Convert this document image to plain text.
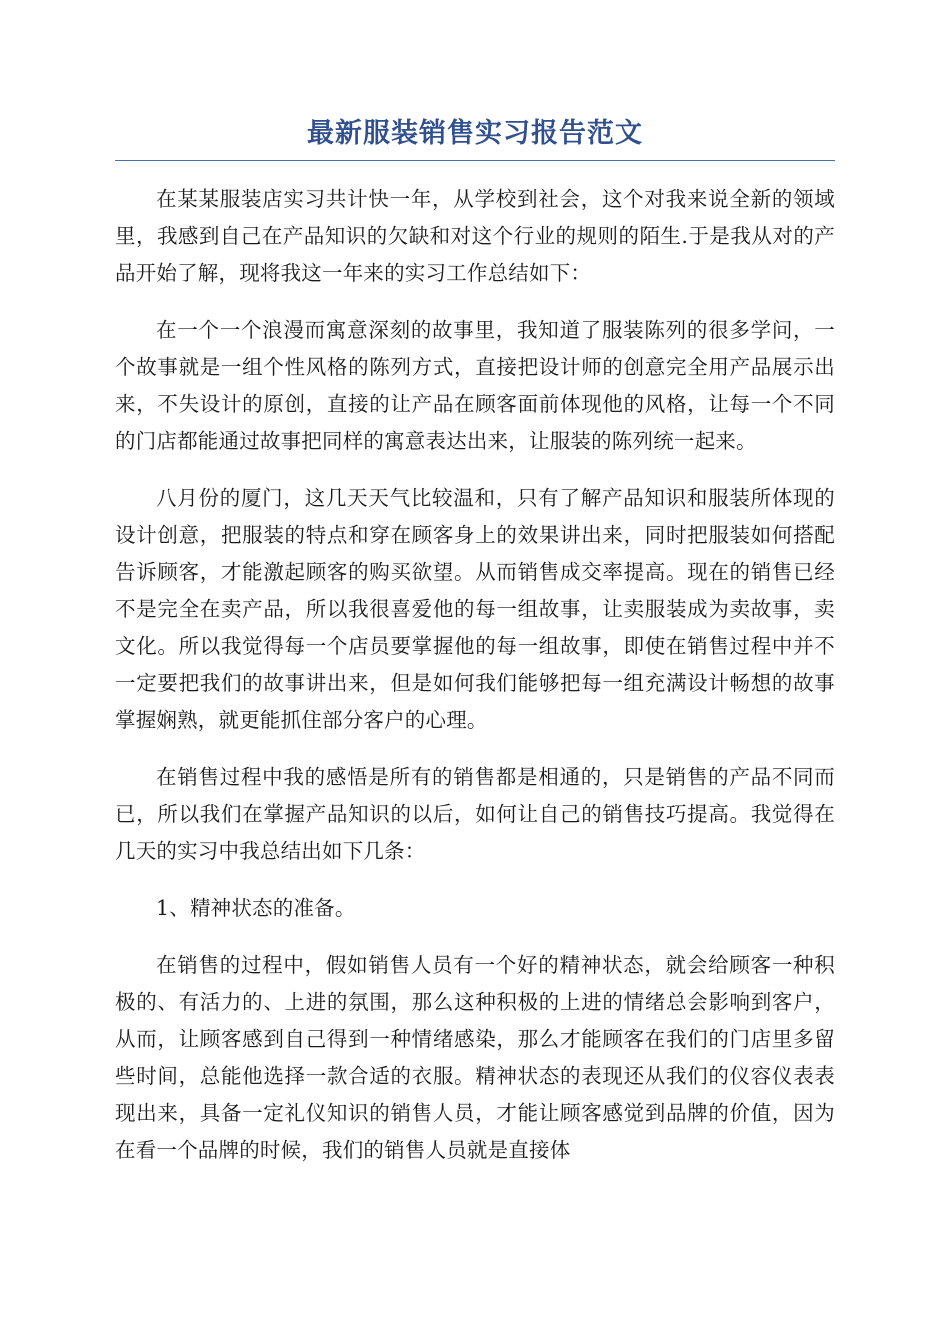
最新服装销售实习报告范文

在某某服装店实习共计快一年，从学校到社会，这个对我来说全新的领域里，我感到自己在产品知识的欠缺和对这个行业的规则的陌生.于是我从对的产品开始了解，现将我这一年来的实习工作总结如下：

在一个一个浪漫而寓意深刻的故事里，我知道了服装陈列的很多学问，一个故事就是一组个性风格的陈列方式，直接把设计师的创意完全用产品展示出来，不失设计的原创，直接的让产品在顾客面前体现他的风格，让每一个不同的门店都能通过故事把同样的寓意表达出来，让服装的陈列统一起来。

八月份的厦门，这几天天气比较温和，只有了解产品知识和服装所体现的设计创意，把服装的特点和穿在顾客身上的效果讲出来，同时把服装如何搭配告诉顾客，才能激起顾客的购买欲望。从而销售成交率提高。现在的销售已经不是完全在卖产品，所以我很喜爱他的每一组故事，让卖服装成为卖故事，卖文化。所以我觉得每一个店员要掌握他的每一组故事，即使在销售过程中并不一定要把我们的故事讲出来，但是如何我们能够把每一组充满设计畅想的故事掌握娴熟，就更能抓住部分客户的心理。

在销售过程中我的感悟是所有的销售都是相通的，只是销售的产品不同而已，所以我们在掌握产品知识的以后，如何让自己的销售技巧提高。我觉得在几天的实习中我总结出如下几条：

1、精神状态的准备。

在销售的过程中，假如销售人员有一个好的精神状态，就会给顾客一种积极的、有活力的、上进的氛围，那么这种积极的上进的情绪总会影响到客户，从而，让顾客感到自己得到一种情绪感染，那么才能顾客在我们的门店里多留些时间，总能他选择一款合适的衣服。精神状态的表现还从我们的仪容仪表表现出来，具备一定礼仪知识的销售人员，才能让顾客感觉到品牌的价值，因为在看一个品牌的时候，我们的销售人员就是直接体
